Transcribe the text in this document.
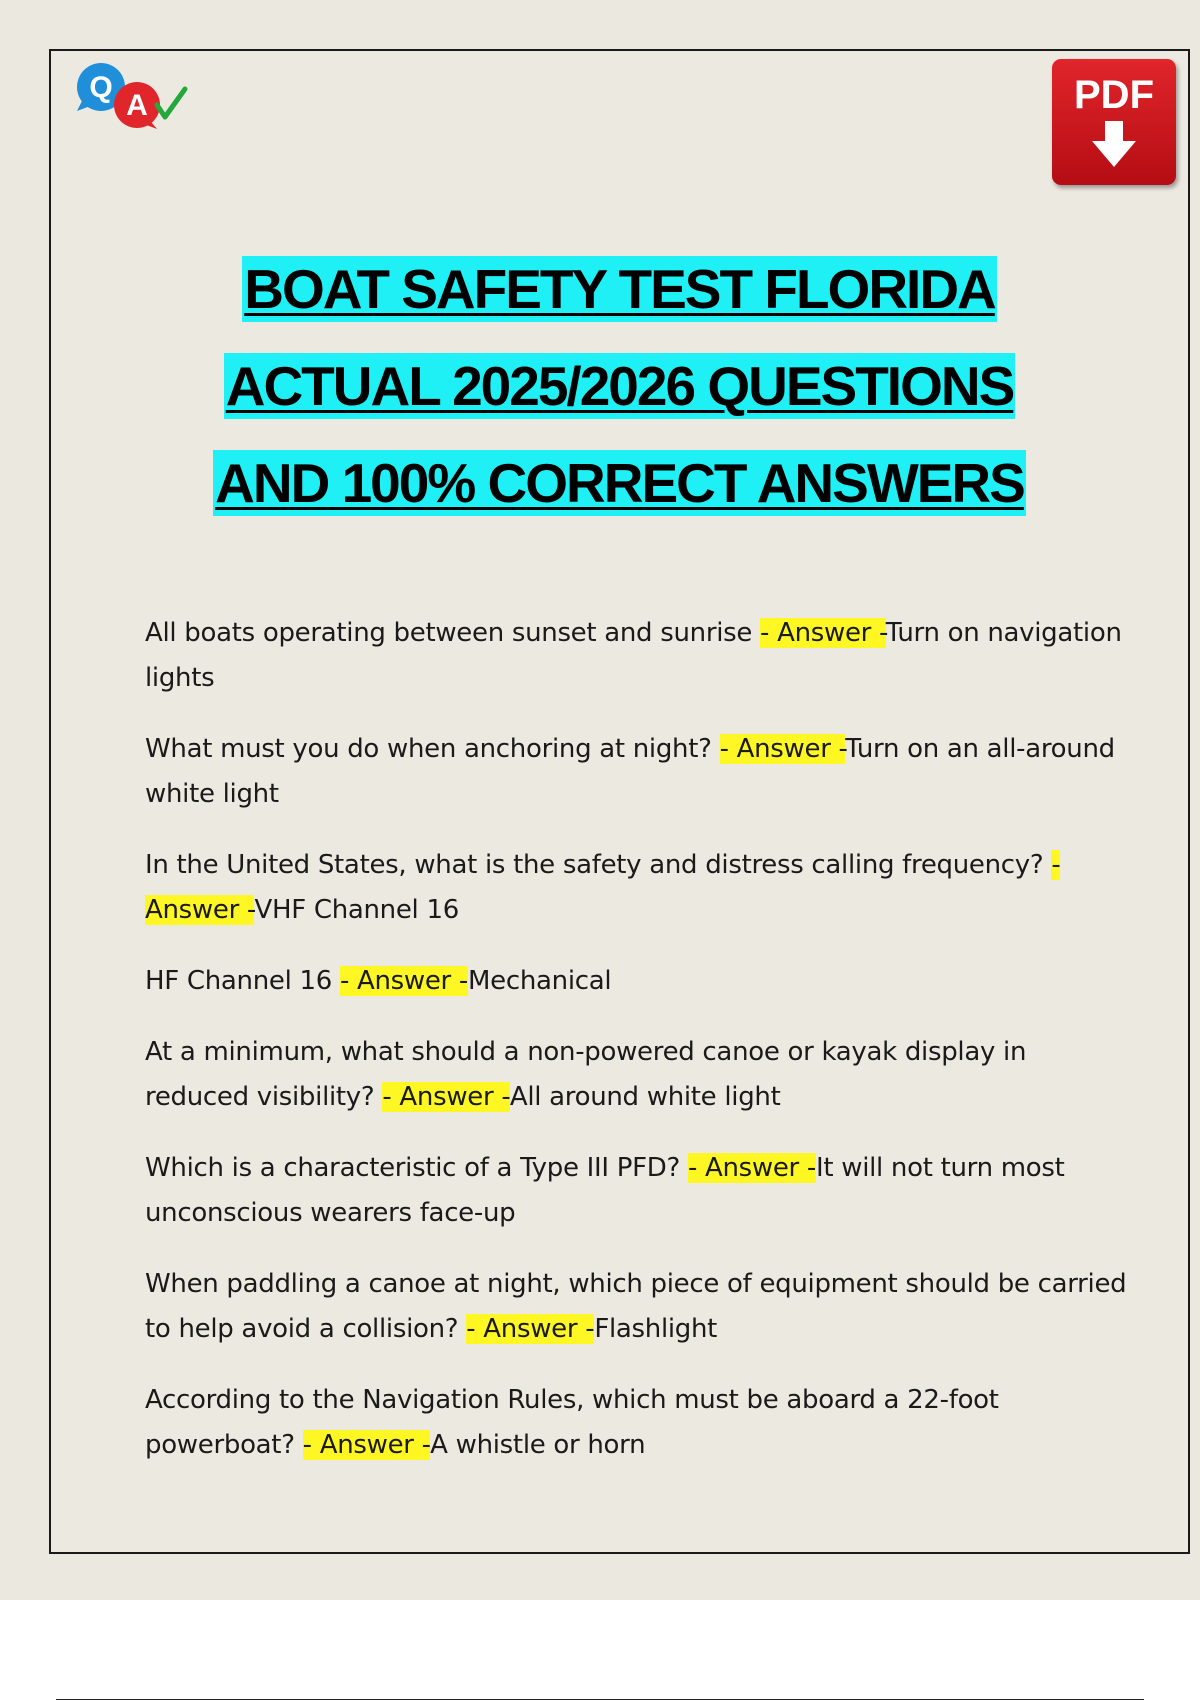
Q
A	PDF
BOAT SAFETY TEST FLORIDA
ACTUAL 2025/2026 QUESTIONS
AND 100% CORRECT ANSWERS

All boats operating between sunset and sunrise - Answer -Turn on navigation lights

What must you do when anchoring at night? - Answer -Turn on an all-around white light

In the United States, what is the safety and distress calling frequency? - Answer -VHF Channel 16

HF Channel 16 - Answer -Mechanical

At a minimum, what should a non-powered canoe or kayak display in reduced visibility? - Answer -All around white light

Which is a characteristic of a Type III PFD? - Answer -It will not turn most unconscious wearers face-up

When paddling a canoe at night, which piece of equipment should be carried to help avoid a collision? - Answer -Flashlight

According to the Navigation Rules, which must be aboard a 22-foot powerboat? - Answer -A whistle or horn
